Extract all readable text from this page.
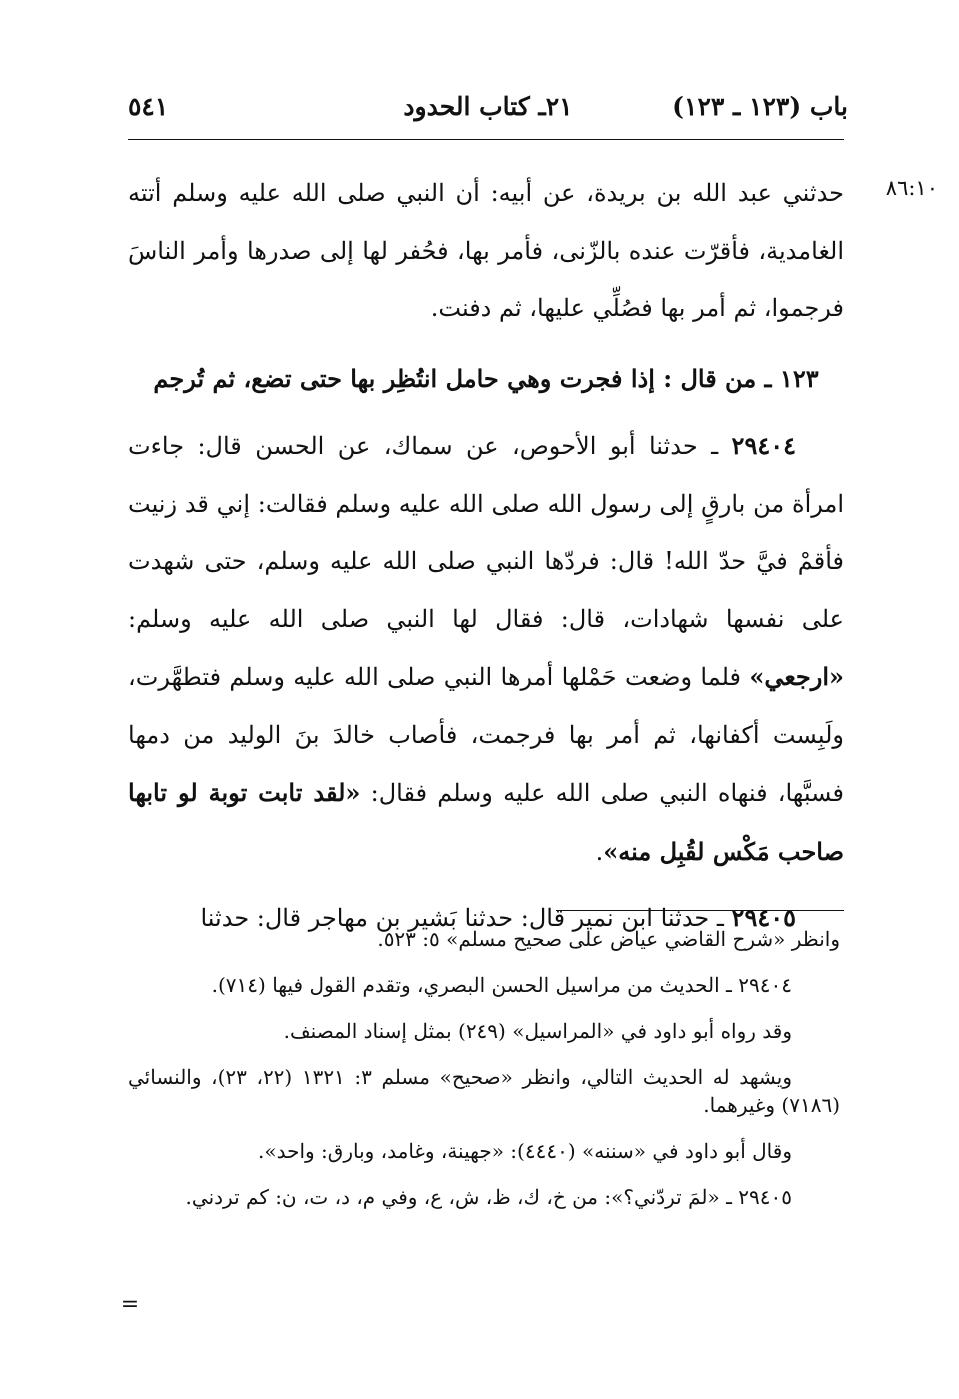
باب (١٢٣ ـ ١٢٣)
٢١ـ كتاب الحدود
٥٤١
٨٦:١٠

حدثني عبد الله بن بريدة، عن أبيه: أن النبي صلى الله عليه وسلم أتته الغامدية، فأقرّت عنده بالزّنى، فأمر بها، فحُفر لها إلى صدرها وأمر الناسَ فرجموا، ثم أمر بها فصُلِّي عليها، ثم دفنت.

١٢٣ ـ من قال : إذا فجرت وهي حامل انتُظِر بها حتى تضع، ثم تُرجم

٢٩٤٠٤ ـ حدثنا أبو الأحوص، عن سماك، عن الحسن قال: جاءت امرأة من بارقٍ إلى رسول الله صلى الله عليه وسلم فقالت: إني قد زنيت فأقمْ فيَّ حدّ الله! قال: فردّها النبي صلى الله عليه وسلم، حتى شهدت على نفسها شهادات، قال: فقال لها النبي صلى الله عليه وسلم: «ارجعي» فلما وضعت حَمْلها أمرها النبي صلى الله عليه وسلم فتطهَّرت، ولَبِست أكفانها، ثم أمر بها فرجمت، فأصاب خالدَ بنَ الوليد من دمها فسبَّها، فنهاه النبي صلى الله عليه وسلم فقال: «لقد تابت توبة لو تابها صاحب مَكْس لقُبِل منه».

٢٩٤٠٥ ـ حدثنا ابن نمير قال: حدثنا بَشير بن مهاجر قال: حدثنا

وانظر «شرح القاضي عياض على صحيح مسلم» ٥: ٥٢٣.

٢٩٤٠٤ ـ الحديث من مراسيل الحسن البصري، وتقدم القول فيها (٧١٤).

وقد رواه أبو داود في «المراسيل» (٢٤٩) بمثل إسناد المصنف.

ويشهد له الحديث التالي، وانظر «صحيح» مسلم ٣: ١٣٢١ (٢٢، ٢٣)، والنسائي (٧١٨٦) وغيرهما.

وقال أبو داود في «سننه» (٤٤٤٠): «جهينة، وغامد، وبارق: واحد».

٢٩٤٠٥ ـ «لمَ تردّني؟»: من خ، ك، ظ، ش، ع، وفي م، د، ت، ن: كم تردني.

=
